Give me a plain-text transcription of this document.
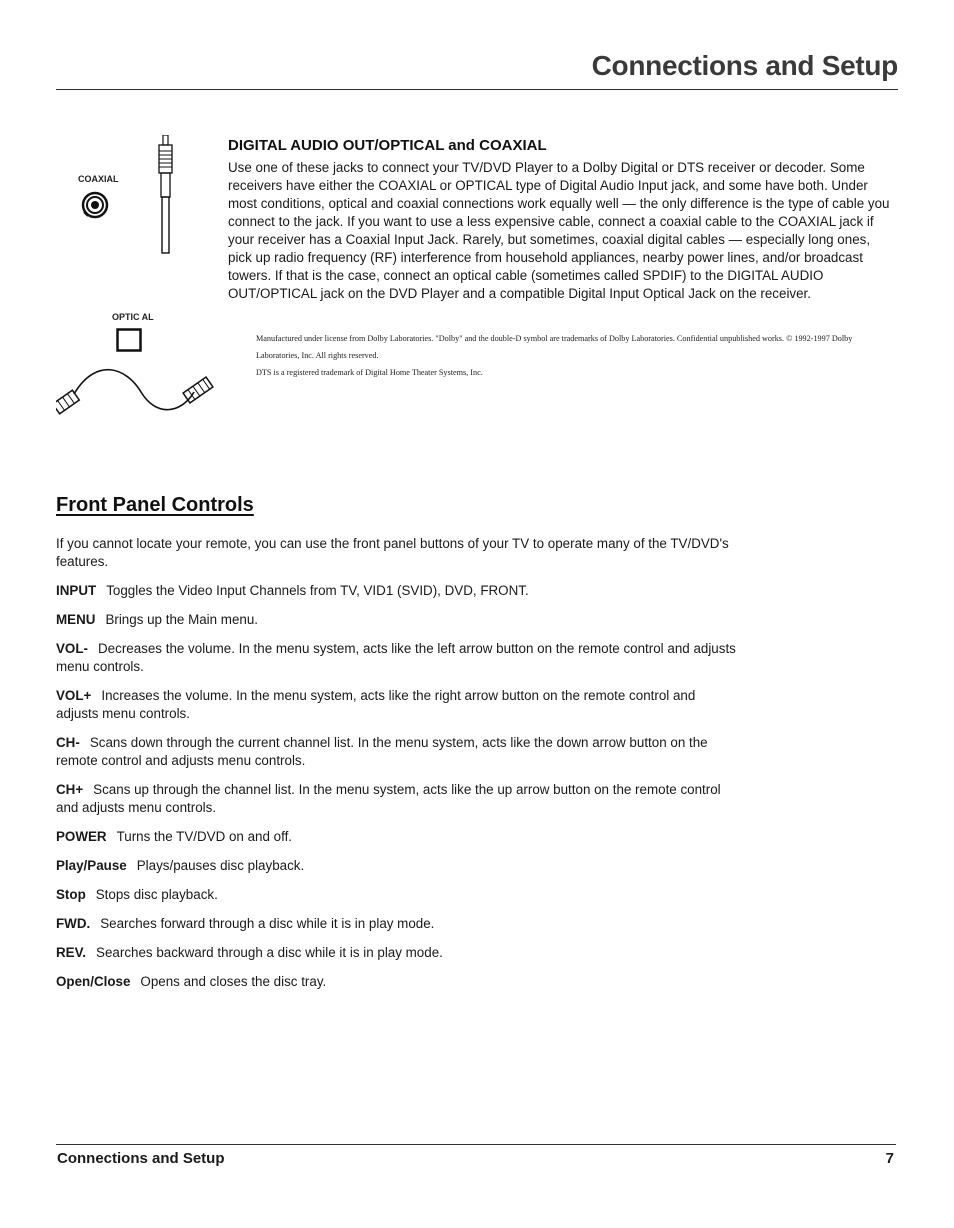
Connections and Setup
COAXIAL
OPTIC AL
DIGITAL AUDIO OUT/OPTICAL and COAXIAL

Use one of these jacks to connect your TV/DVD Player to a Dolby Digital or DTS receiver or decoder. Some receivers have either the COAXIAL or OPTICAL type of Digital Audio Input jack, and some have both. Under most conditions, optical and coaxial connections work equally well — the only difference is the type of cable you connect to the jack. If you want to use a less expensive cable, connect a coaxial cable to the COAXIAL jack if your receiver has a Coaxial Input Jack. Rarely, but sometimes, coaxial digital cables — especially long ones, pick up radio frequency (RF) interference from household appliances, nearby power lines, and/or broadcast towers. If that is the case, connect an optical cable (sometimes called SPDIF) to the DIGITAL AUDIO OUT/OPTICAL jack on the DVD Player and a compatible Digital Input Optical Jack on the receiver.

Manufactured under license from Dolby Laboratories. "Dolby" and the double-D symbol are trademarks of Dolby Laboratories. Confidential unpublished works. © 1992-1997 Dolby
Laboratories, Inc. All rights reserved.
DTS is a registered trademark of Digital Home Theater Systems, Inc.
Front Panel Controls

If you cannot locate your remote, you can use the front panel buttons of your TV to operate many of the TV/DVD's features.

INPUT Toggles the Video Input Channels from TV, VID1 (SVID), DVD, FRONT.

MENU Brings up the Main menu.

VOL- Decreases the volume. In the menu system, acts like the left arrow button on the remote control and adjusts menu controls.

VOL+ Increases the volume. In the menu system, acts like the right arrow button on the remote control and adjusts menu controls.

CH- Scans down through the current channel list. In the menu system, acts like the down arrow button on the remote control and adjusts menu controls.

CH+ Scans up through the channel list. In the menu system, acts like the up arrow button on the remote control and adjusts menu controls.

POWER Turns the TV/DVD on and off.

Play/Pause Plays/pauses disc playback.

Stop Stops disc playback.

FWD. Searches forward through a disc while it is in play mode.

REV. Searches backward through a disc while it is in play mode.

Open/Close Opens and closes the disc tray.

Connections and Setup	7
